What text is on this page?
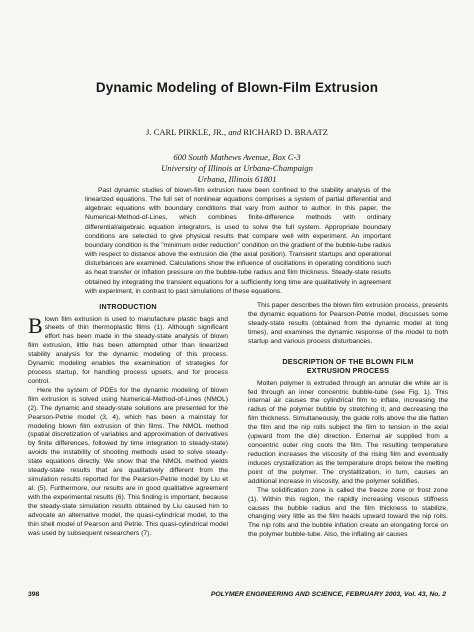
Dynamic Modeling of Blown-Film Extrusion
J. CARL PIRKLE, JR., and RICHARD D. BRAATZ
600 South Mathews Avenue, Box C-3
University of Illinois at Urbana-Champaign
Urbana, Illinois 61801

Past dynamic studies of blown-film extrusion have been confined to the stability analysis of the linearized equations. The full set of nonlinear equations comprises a system of partial differential and algebraic equations with boundary conditions that vary from author to author. In this paper, the Numerical-Method-of-Lines, which combines finite-difference methods with ordinary differential/algebraic equation integrators, is used to solve the full system. Appropriate boundary conditions are selected to give physical results that compare well with experiment. An important boundary condition is the "minimum order reduction" condition on the gradient of the bubble-tube radius with respect to distance above the extrusion die (the axial position). Transient startups and operational disturbances are examined. Calculations show the influence of oscillations in operating conditions such as heat transfer or inflation pressure on the bubble-tube radius and film thickness. Steady-state results obtained by integrating the transient equations for a sufficiently long time are qualitatively in agreement with experiment, in contrast to past simulations of these equations.

INTRODUCTION

Blown film extrusion is used to manufacture plastic bags and sheets of thin thermoplastic films (1). Although significant effort has been made in the steady-state analysis of blown film extrusion, little has been attempted other than linearized stability analysis for the dynamic modeling of this process. Dynamic modeling enables the examination of strategies for process startup, for handling process upsets, and for process control.

Here the system of PDEs for the dynamic modeling of blown film extrusion is solved using Numerical-Method-of-Lines (NMOL) (2). The dynamic and steady-state solutions are presented for the Pearson-Petrie model (3, 4), which has been a mainstay for modeling blown film extrusion of thin films. The NMOL method (spatial discretization of variables and approximation of derivatives by finite differences, followed by time integration to steady-state) avoids the instability of shooting methods used to solve steady-state equations directly. We show that the NMOL method yields steady-state results that are qualitatively different from the simulation results reported for the Pearson-Petrie model by Liu et al. (5). Furthermore, our results are in good qualitative agreement with the experimental results (6). This finding is important, because the steady-state simulation results obtained by Liu caused him to advocate an alternative model, the quasi-cylindrical model, to the thin shell model of Pearson and Petrie. This quasi-cylindrical model was used by subsequent researchers (7).

This paper describes the blown film extrusion process, presents the dynamic equations for Pearson-Petrie model, discusses some steady-state results (obtained from the dynamic model at long times), and examines the dynamic response of the model to both startup and various process disturbances.

DESCRIPTION OF THE BLOWN FILM
EXTRUSION PROCESS

Molten polymer is extruded through an annular die while air is fed through an inner concentric bubble-tube (see Fig. 1). This internal air causes the cylindrical film to inflate, increasing the radius of the polymer bubble by stretching it, and decreasing the film thickness. Simultaneously, the guide rolls above the die flatten the film and the nip rolls subject the film to tension in the axial (upward from the die) direction. External air supplied from a concentric outer ring cools the film. The resulting temperature reduction increases the viscosity of the rising film and eventually induces crystallization as the temperature drops below the melting point of the polymer. The crystallization, in turn, causes an additional increase in viscosity, and the polymer solidifies.

The solidification zone is called the freeze zone or frost zone (1). Within this region, the rapidly increasing viscous stiffness causes the bubble radius and the film thickness to stabilize, changing very little as the film heads upward toward the nip rolls. The nip rolls and the bubble inflation create an elongating force on the polymer bubble-tube. Also, the inflating air causes

398	POLYMER ENGINEERING AND SCIENCE, FEBRUARY 2003, Vol. 43, No. 2
